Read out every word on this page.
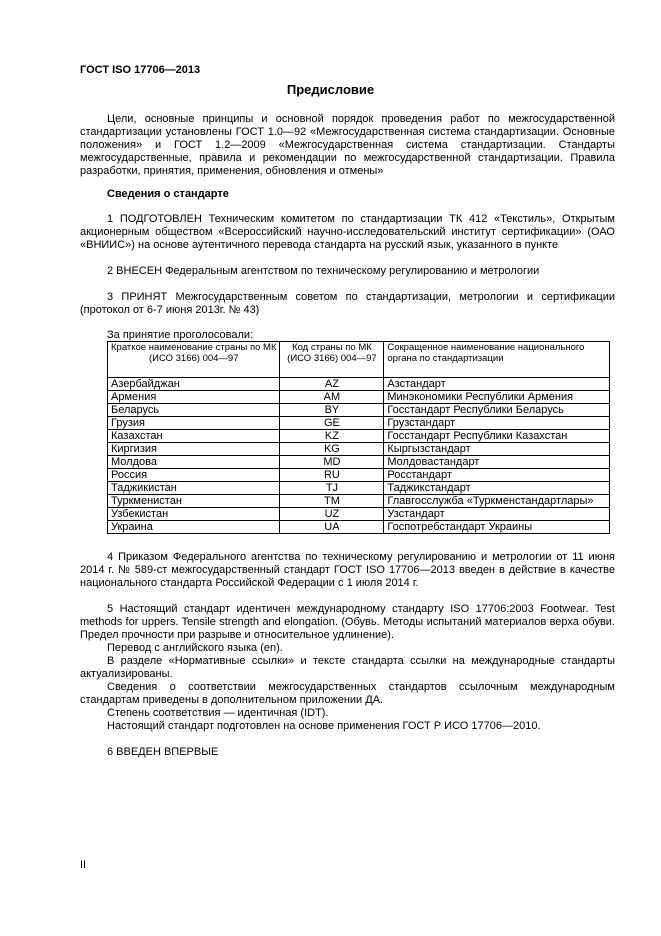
ГОСТ ISO 17706—2013
Предисловие
Цели, основные принципы и основной порядок проведения работ по межгосударственной стандартизации установлены ГОСТ 1.0—92 «Межгосударственная система стандартизации. Основные положения» и ГОСТ 1.2—2009 «Межгосударственная система стандартизации. Стандарты межгосударственные, правила и рекомендации по межгосударственной стандартизации. Правила разработки, принятия, применения, обновления и отмены»
Сведения о стандарте
1 ПОДГОТОВЛЕН Техническим комитетом по стандартизации ТК 412 «Текстиль», Открытым акционерным обществом «Всероссийский научно-исследовательский институт сертификации» (ОАО «ВНИИС») на основе аутентичного перевода стандарта на русский язык, указанного в пункте
2 ВНЕСЕН Федеральным агентством по техническому регулированию и метрологии
3 ПРИНЯТ Межгосударственным советом по стандартизации, метрологии и сертификации (протокол от 6-7 июня 2013г. № 43)
За принятие проголосовали:
Краткое наименование страны по МК (ИСО 3166) 004—97	Код страны по МК (ИСО 3166) 004—97	Сокращенное наименование национального органа по стандартизации
Азербайджан	AZ	Азстандарт
Армения	AM	Минэкономики Республики Армения
Беларусь	BY	Госстандарт Республики Беларусь
Грузия	GE	Грузстандарт
Казахстан	KZ	Госстандарт Республики Казахстан
Киргизия	KG	Кыргызстандарт
Молдова	MD	Молдовастандарт
Россия	RU	Росстандарт
Таджикистан	TJ	Таджикстандарт
Туркменистан	TM	Главгосслужба «Туркменстандартлары»
Узбекистан	UZ	Узстандарт
Украина	UA	Госпотребстандарт Украины
4 Приказом Федерального агентства по техническому регулированию и метрологии от 11 июня 2014 г. № 589-ст межгосударственный стандарт ГОСТ ISO 17706—2013 введен в действие в качестве национального стандарта Российской Федерации с 1 июля 2014 г.
5 Настоящий стандарт идентичен международному стандарту ISO 17706:2003 Footwear. Test methods for uppers. Tensile strength and elongation. (Обувь. Методы испытаний материалов верха обуви. Предел прочности при разрыве и относительное удлинение).
Перевод с английского языка (en).
В разделе «Нормативные ссылки» и тексте стандарта ссылки на международные стандарты актуализированы.
Сведения о соответствии межгосударственных стандартов ссылочным международным стандартам приведены в дополнительном приложении ДА.
Степень соответствия — идентичная (IDT).
Настоящий стандарт подготовлен на основе применения ГОСТ Р ИСО 17706—2010.
6 ВВЕДЕН ВПЕРВЫЕ
II
